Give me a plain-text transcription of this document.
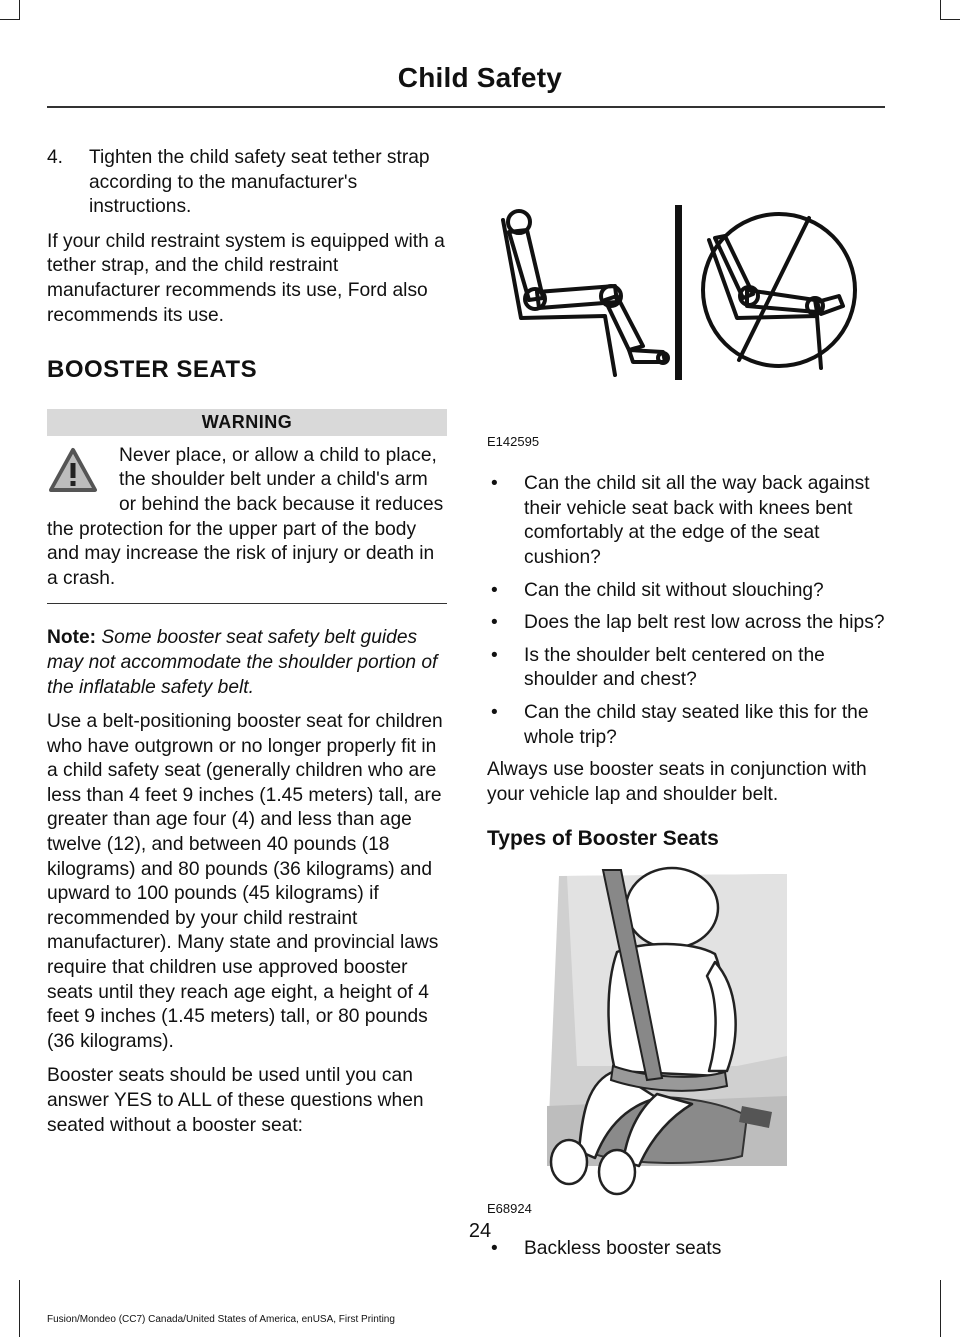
Child Safety
4.	Tighten the child safety seat tether strap according to the manufacturer's instructions.

If your child restraint system is equipped with a tether strap, and the child restraint manufacturer recommends its use, Ford also recommends its use.

BOOSTER SEATS
WARNING
Never place, or allow a child to place, the shoulder belt under a child's arm or behind the back because it reduces the protection for the upper part of the body and may increase the risk of injury or death in a crash.

Note: Some booster seat safety belt guides may not accommodate the shoulder portion of the inflatable safety belt.

Use a belt-positioning booster seat for children who have outgrown or no longer properly fit in a child safety seat (generally children who are less than 4 feet 9 inches (1.45 meters) tall, are greater than age four (4) and less than age twelve (12), and between 40 pounds (18 kilograms) and 80 pounds (36 kilograms) and upward to 100 pounds (45 kilograms) if recommended by your child restraint manufacturer). Many state and provincial laws require that children use approved booster seats until they reach age eight, a height of 4 feet 9 inches (1.45 meters) tall, or 80 pounds (36 kilograms).

Booster seats should be used until you can answer YES to ALL of these questions when seated without a booster seat:

E142595
•	Can the child sit all the way back against their vehicle seat back with knees bent comfortably at the edge of the seat cushion?
•	Can the child sit without slouching?
•	Does the lap belt rest low across the hips?
•	Is the shoulder belt centered on the shoulder and chest?
•	Can the child stay seated like this for the whole trip?

Always use booster seats in conjunction with your vehicle lap and shoulder belt.

Types of Booster Seats
E68924
•	Backless booster seats
24
Fusion/Mondeo (CC7) Canada/United States of America, enUSA, First Printing
